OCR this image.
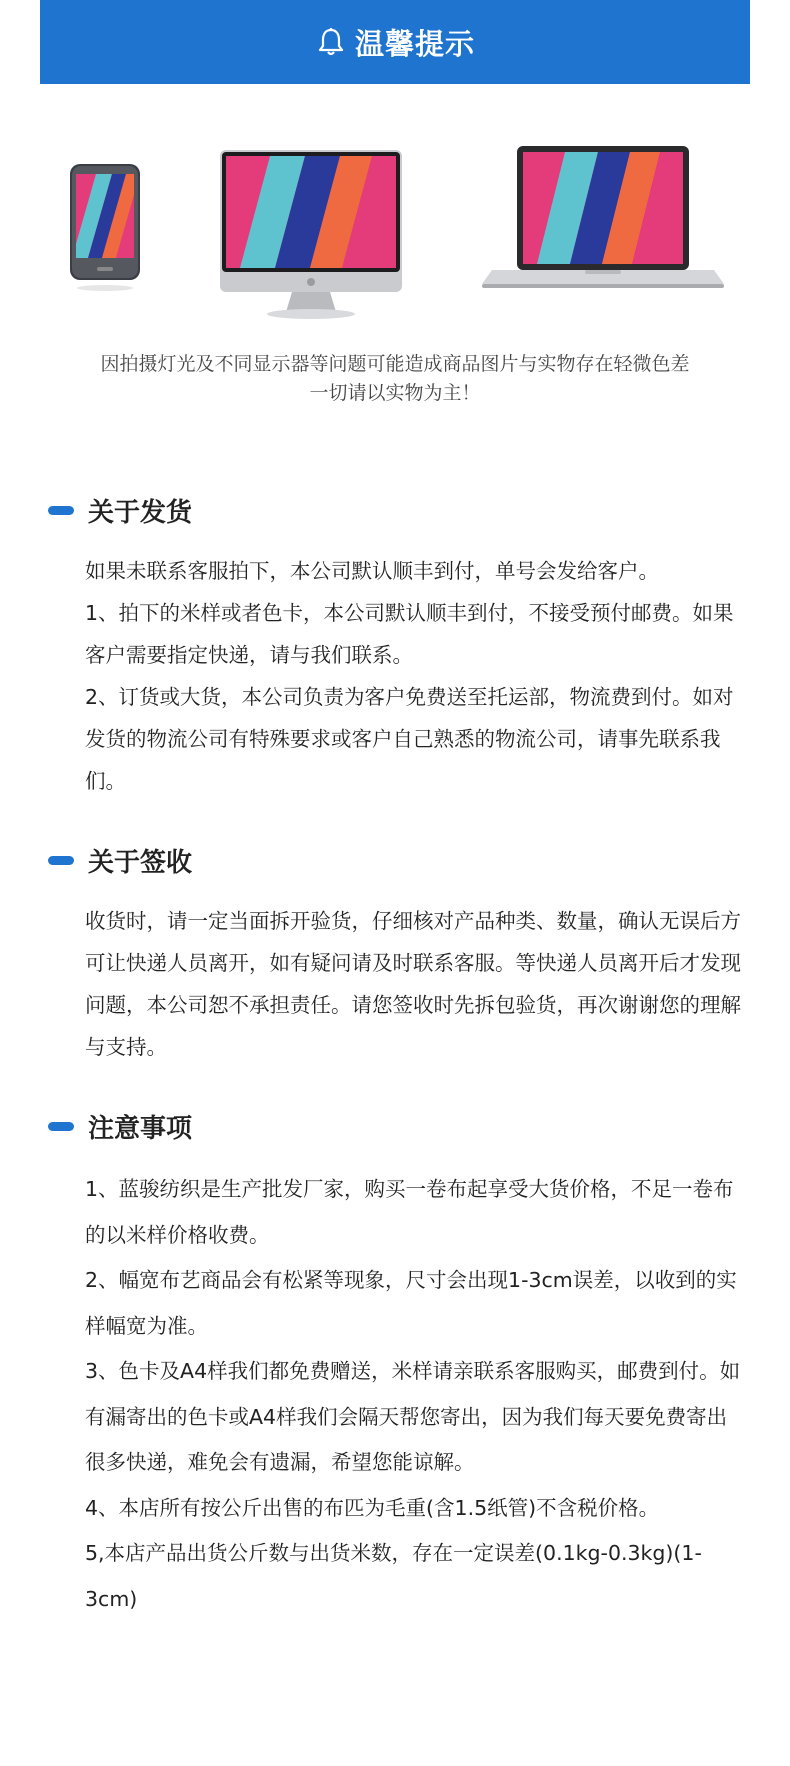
温馨提示
因拍摄灯光及不同显示器等问题可能造成商品图片与实物存在轻微色差
一切请以实物为主！
关于发货

如果未联系客服拍下，本公司默认顺丰到付，单号会发给客户。

1、拍下的米样或者色卡，本公司默认顺丰到付，不接受预付邮费。如果客户需要指定快递，请与我们联系。

2、订货或大货，本公司负责为客户免费送至托运部，物流费到付。如对发货的物流公司有特殊要求或客户自己熟悉的物流公司，请事先联系我们。

关于签收

收货时，请一定当面拆开验货，仔细核对产品种类、数量，确认无误后方可让快递人员离开，如有疑问请及时联系客服。等快递人员离开后才发现问题，本公司恕不承担责任。请您签收时先拆包验货，再次谢谢您的理解与支持。

注意事项

1、蓝骏纺织是生产批发厂家，购买一卷布起享受大货价格，不足一卷布的以米样价格收费。

2、幅宽布艺商品会有松紧等现象，尺寸会出现1-3cm误差，以收到的实样幅宽为准。

3、色卡及A4样我们都免费赠送，米样请亲联系客服购买，邮费到付。如有漏寄出的色卡或A4样我们会隔天帮您寄出，因为我们每天要免费寄出很多快递，难免会有遗漏，希望您能谅解。

4、本店所有按公斤出售的布匹为毛重(含1.5纸管)不含税价格。

5,本店产品出货公斤数与出货米数，存在一定误差(0.1kg-0.3kg)(1-3cm)
